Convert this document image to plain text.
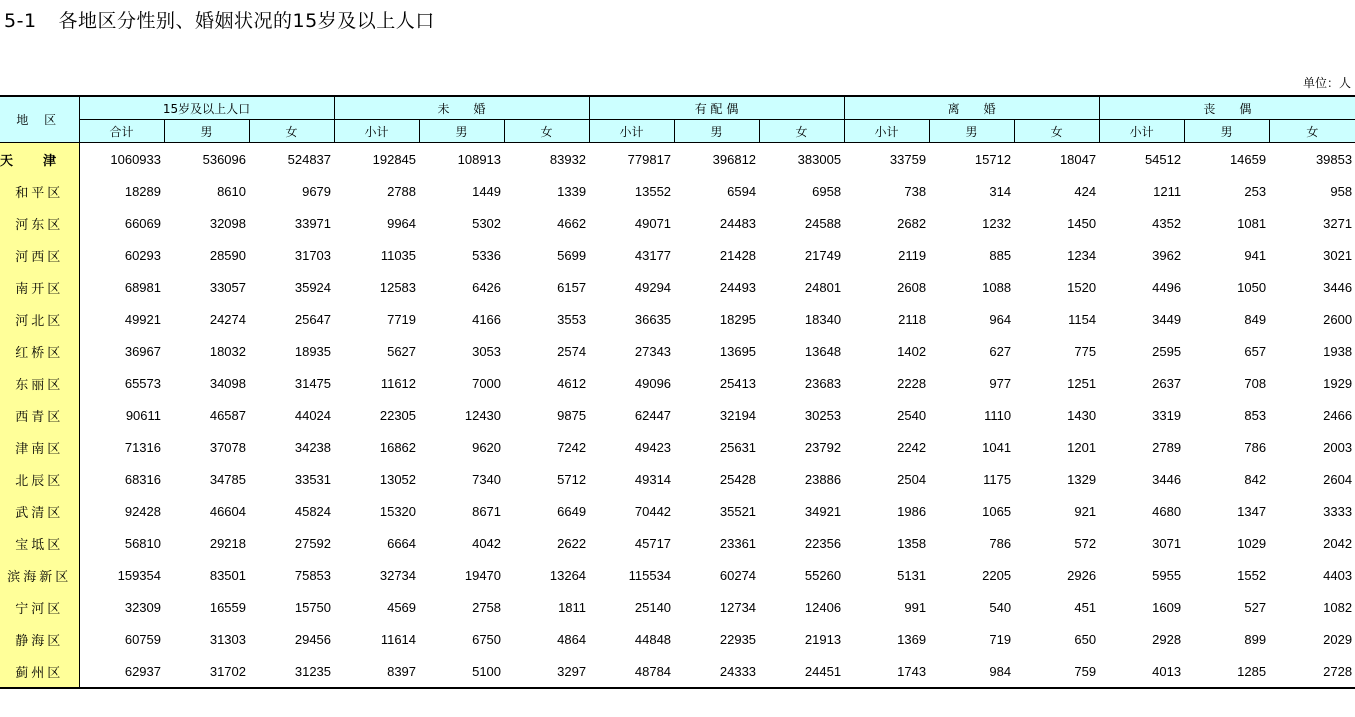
5-1 各地区分性别、婚姻状况的15岁及以上人口
单位：人
地 区	15岁及以上人口			未　　婚			有 配 偶			离　　婚			丧　　偶		
	合计	男	女	小计	男	女	小计	男	女	小计	男	女	小计	男	女
天津	1060933	536096	524837	192845	108913	83932	779817	396812	383005	33759	15712	18047	54512	14659	39853
和平区	18289	8610	9679	2788	1449	1339	13552	6594	6958	738	314	424	1211	253	958
河东区	66069	32098	33971	9964	5302	4662	49071	24483	24588	2682	1232	1450	4352	1081	3271
河西区	60293	28590	31703	11035	5336	5699	43177	21428	21749	2119	885	1234	3962	941	3021
南开区	68981	33057	35924	12583	6426	6157	49294	24493	24801	2608	1088	1520	4496	1050	3446
河北区	49921	24274	25647	7719	4166	3553	36635	18295	18340	2118	964	1154	3449	849	2600
红桥区	36967	18032	18935	5627	3053	2574	27343	13695	13648	1402	627	775	2595	657	1938
东丽区	65573	34098	31475	11612	7000	4612	49096	25413	23683	2228	977	1251	2637	708	1929
西青区	90611	46587	44024	22305	12430	9875	62447	32194	30253	2540	1110	1430	3319	853	2466
津南区	71316	37078	34238	16862	9620	7242	49423	25631	23792	2242	1041	1201	2789	786	2003
北辰区	68316	34785	33531	13052	7340	5712	49314	25428	23886	2504	1175	1329	3446	842	2604
武清区	92428	46604	45824	15320	8671	6649	70442	35521	34921	1986	1065	921	4680	1347	3333
宝坻区	56810	29218	27592	6664	4042	2622	45717	23361	22356	1358	786	572	3071	1029	2042
滨海新区	159354	83501	75853	32734	19470	13264	115534	60274	55260	5131	2205	2926	5955	1552	4403
宁河区	32309	16559	15750	4569	2758	1811	25140	12734	12406	991	540	451	1609	527	1082
静海区	60759	31303	29456	11614	6750	4864	44848	22935	21913	1369	719	650	2928	899	2029
蓟州区	62937	31702	31235	8397	5100	3297	48784	24333	24451	1743	984	759	4013	1285	2728
